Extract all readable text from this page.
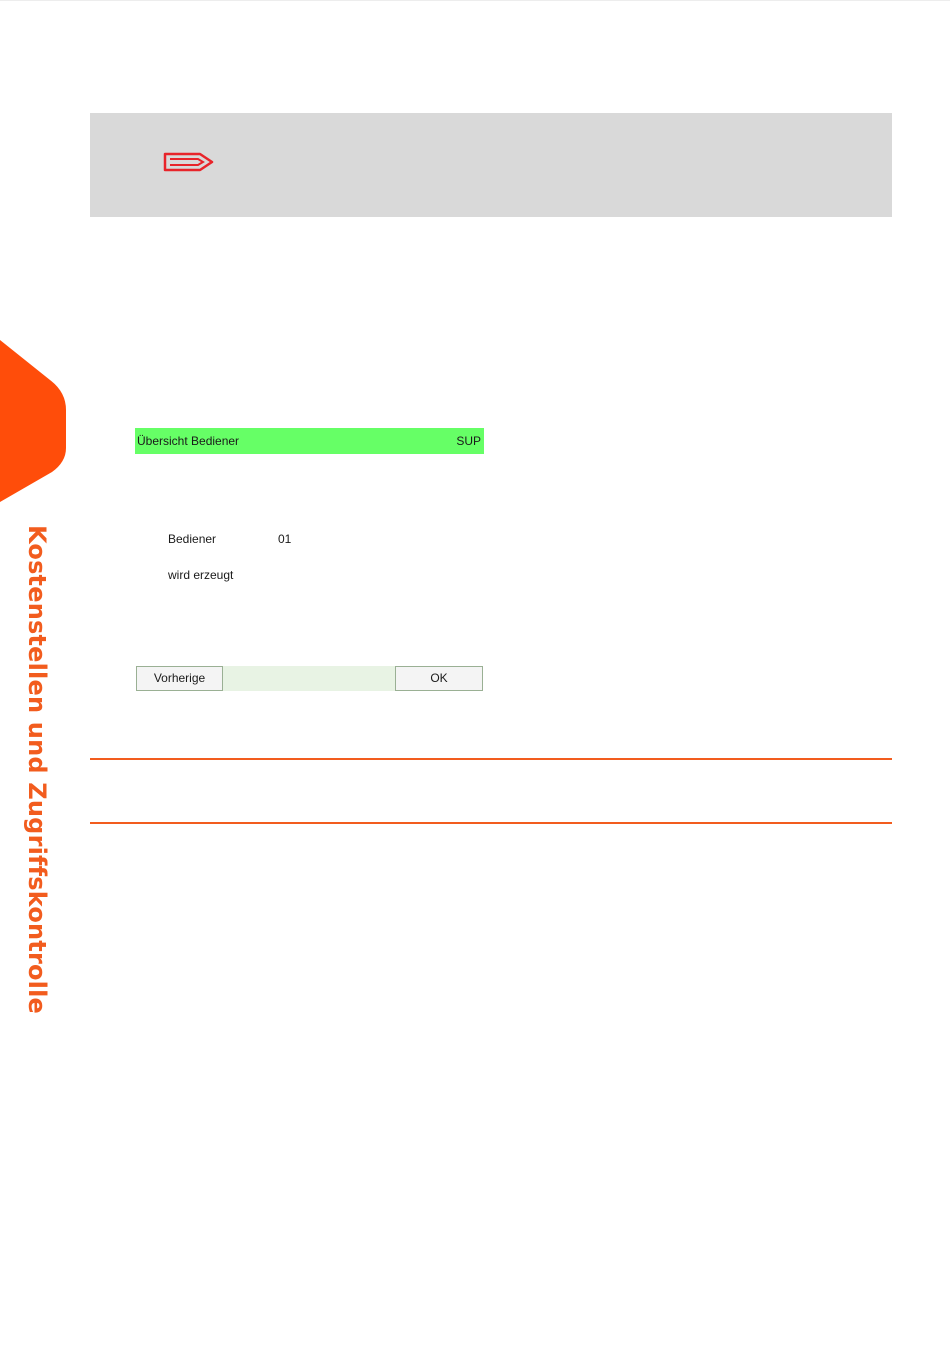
Kostenstellen und Zugriffskontrolle
Übersicht Bediener	SUP
Bediener	01
wird erzeugt
Vorherige	OK
